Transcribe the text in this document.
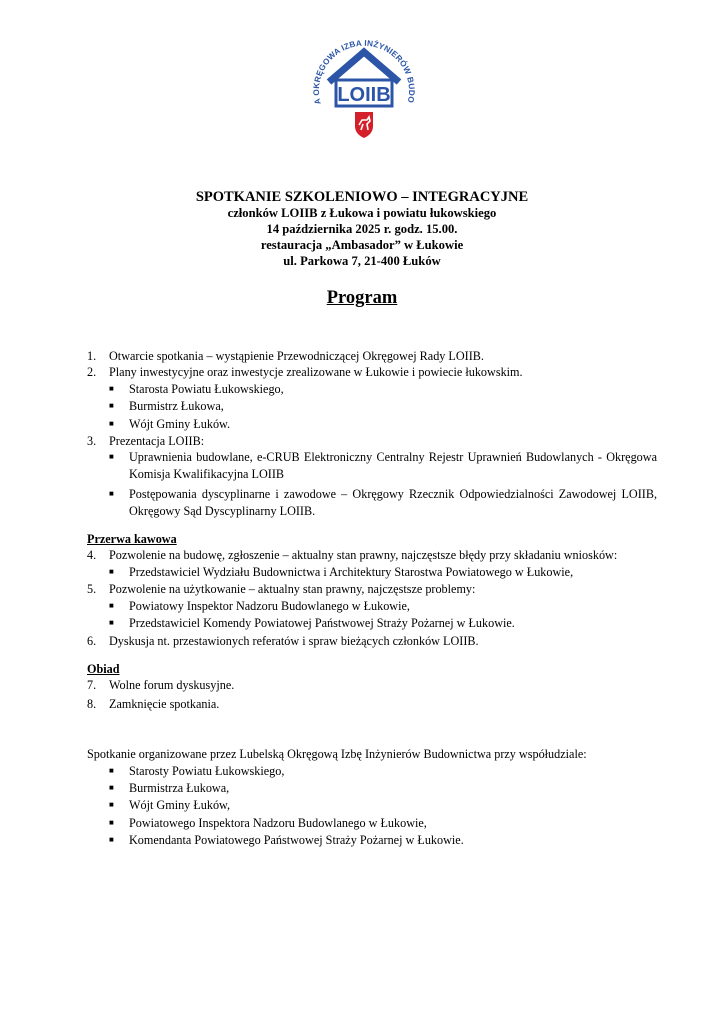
A OKRĘGOWA IZBA INŻYNIERÓW BUDO
LOIIB
SPOTKANIE SZKOLENIOWO – INTEGRACYJNE
członków LOIIB z Łukowa i powiatu łukowskiego
14 października 2025 r. godz. 15.00.
restauracja „Ambasador” w Łukowie
ul. Parkowa 7, 21-400 Łuków
Program
1.	Otwarcie spotkania – wystąpienie Przewodniczącej Okręgowej Rady LOIIB.
2.	Plany inwestycyjne oraz inwestycje zrealizowane w Łukowie i powiecie łukowskim.
■	Starosta Powiatu Łukowskiego,
■	Burmistrz Łukowa,
■	Wójt Gminy Łuków.
3.	Prezentacja LOIIB:
■	Uprawnienia budowlane, e-CRUB Elektroniczny Centralny Rejestr Uprawnień Budowlanych - Okręgowa Komisja Kwalifikacyjna LOIIB
■	Postępowania dyscyplinarne i zawodowe – Okręgowy Rzecznik Odpowiedzialności Zawodowej LOIIB, Okręgowy Sąd Dyscyplinarny LOIIB.
Przerwa kawowa
4.	Pozwolenie na budowę, zgłoszenie – aktualny stan prawny, najczęstsze błędy przy składaniu wniosków:
■	Przedstawiciel Wydziału Budownictwa i Architektury Starostwa Powiatowego w Łukowie,
5.	Pozwolenie na użytkowanie – aktualny stan prawny, najczęstsze problemy:
■	Powiatowy Inspektor Nadzoru Budowlanego w Łukowie,
■	Przedstawiciel Komendy Powiatowej Państwowej Straży Pożarnej w Łukowie.
6.	Dyskusja nt. przestawionych referatów i spraw bieżących członków LOIIB.
Obiad
7.	Wolne forum dyskusyjne.
8.	Zamknięcie spotkania.
Spotkanie organizowane przez Lubelską Okręgową Izbę Inżynierów Budownictwa przy współudziale:
■	Starosty Powiatu Łukowskiego,
■	Burmistrza Łukowa,
■	Wójt Gminy Łuków,
■	Powiatowego Inspektora Nadzoru Budowlanego w Łukowie,
■	Komendanta Powiatowego Państwowej Straży Pożarnej w Łukowie.
